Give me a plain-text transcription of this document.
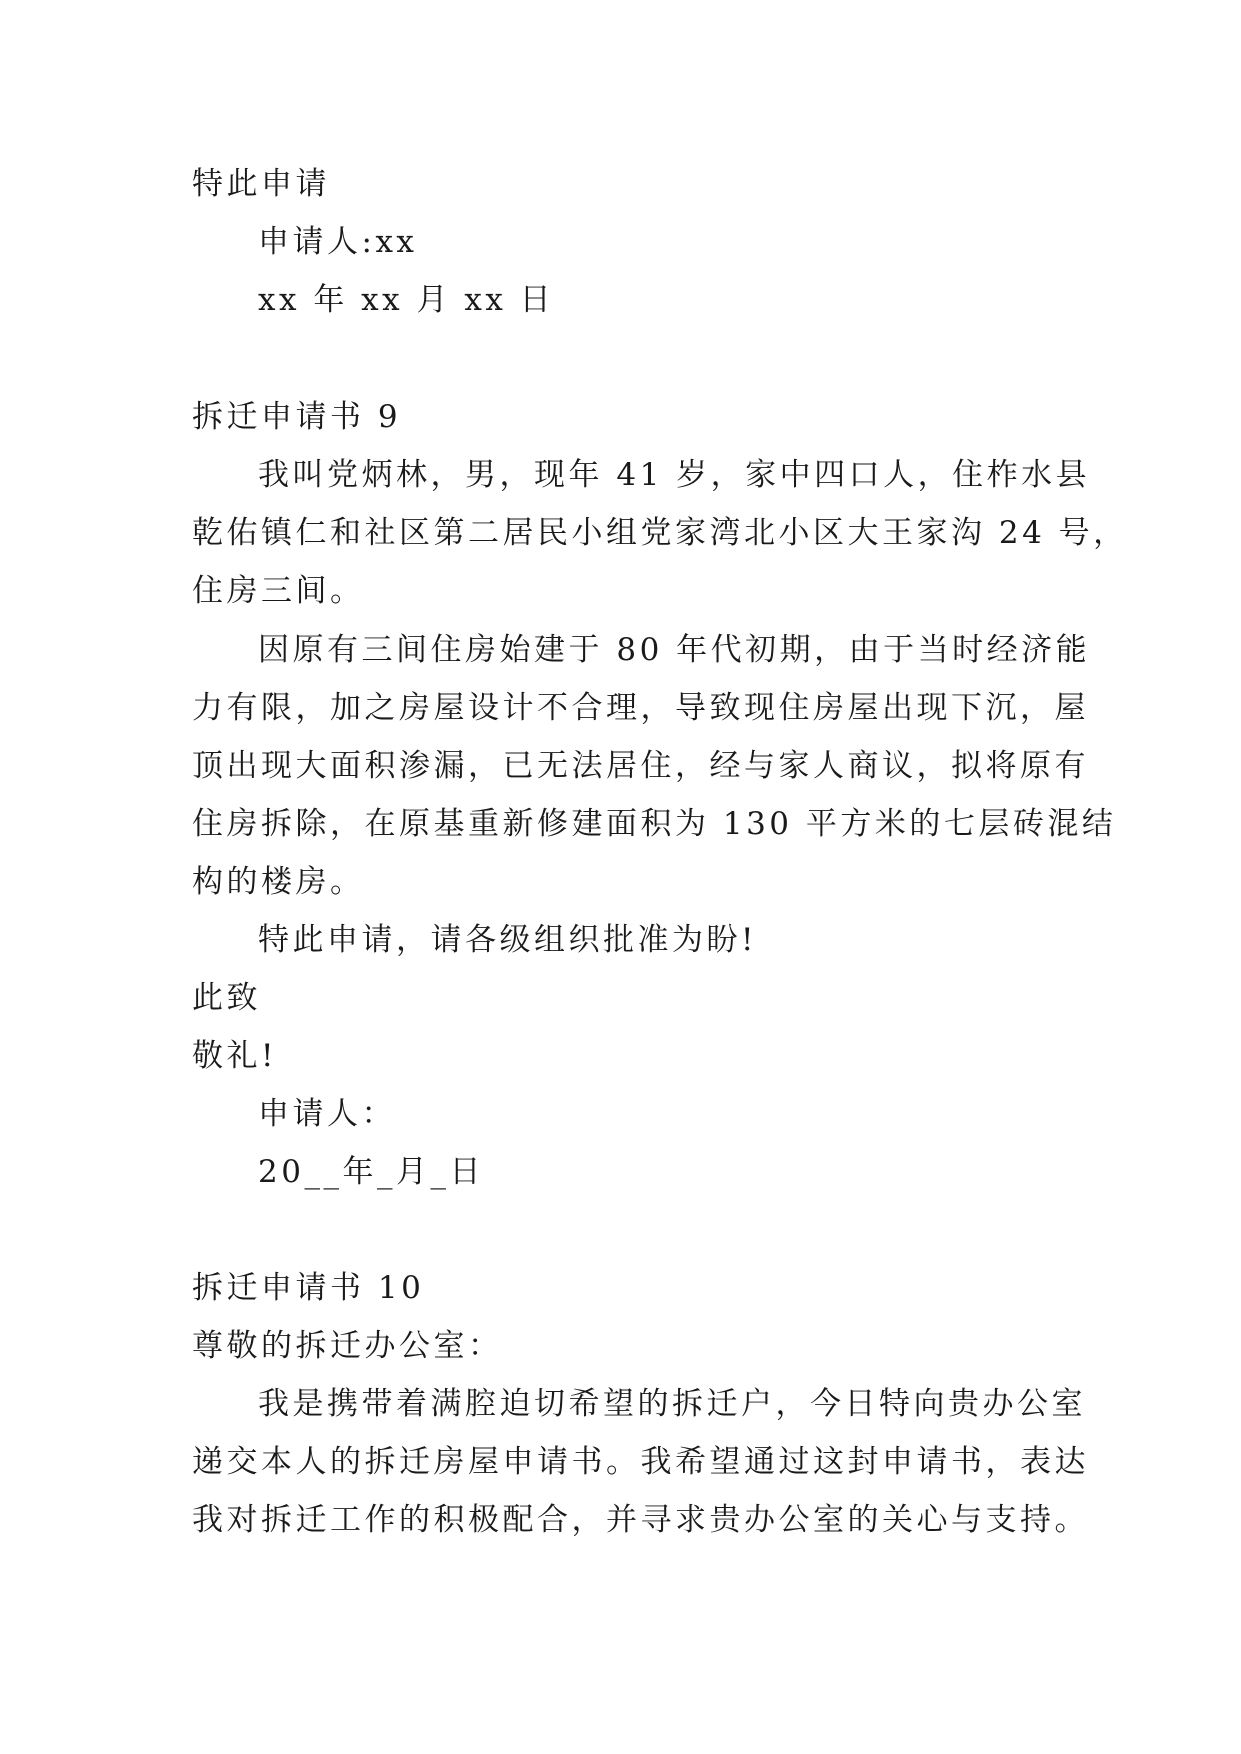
特此申请
申请人:xx
xx 年 xx 月 xx 日
拆迁申请书 9
我叫党炳林，男，现年 41 岁，家中四口人，住柞水县
乾佑镇仁和社区第二居民小组党家湾北小区大王家沟 24 号，
住房三间。
因原有三间住房始建于 80 年代初期，由于当时经济能
力有限，加之房屋设计不合理，导致现住房屋出现下沉，屋
顶出现大面积渗漏，已无法居住，经与家人商议，拟将原有
住房拆除，在原基重新修建面积为 130 平方米的七层砖混结
构的楼房。
特此申请，请各级组织批准为盼!
此致
敬礼!
申请人：
20__年_月_日
拆迁申请书 10
尊敬的拆迁办公室：
我是携带着满腔迫切希望的拆迁户，今日特向贵办公室
递交本人的拆迁房屋申请书。我希望通过这封申请书，表达
我对拆迁工作的积极配合，并寻求贵办公室的关心与支持。
